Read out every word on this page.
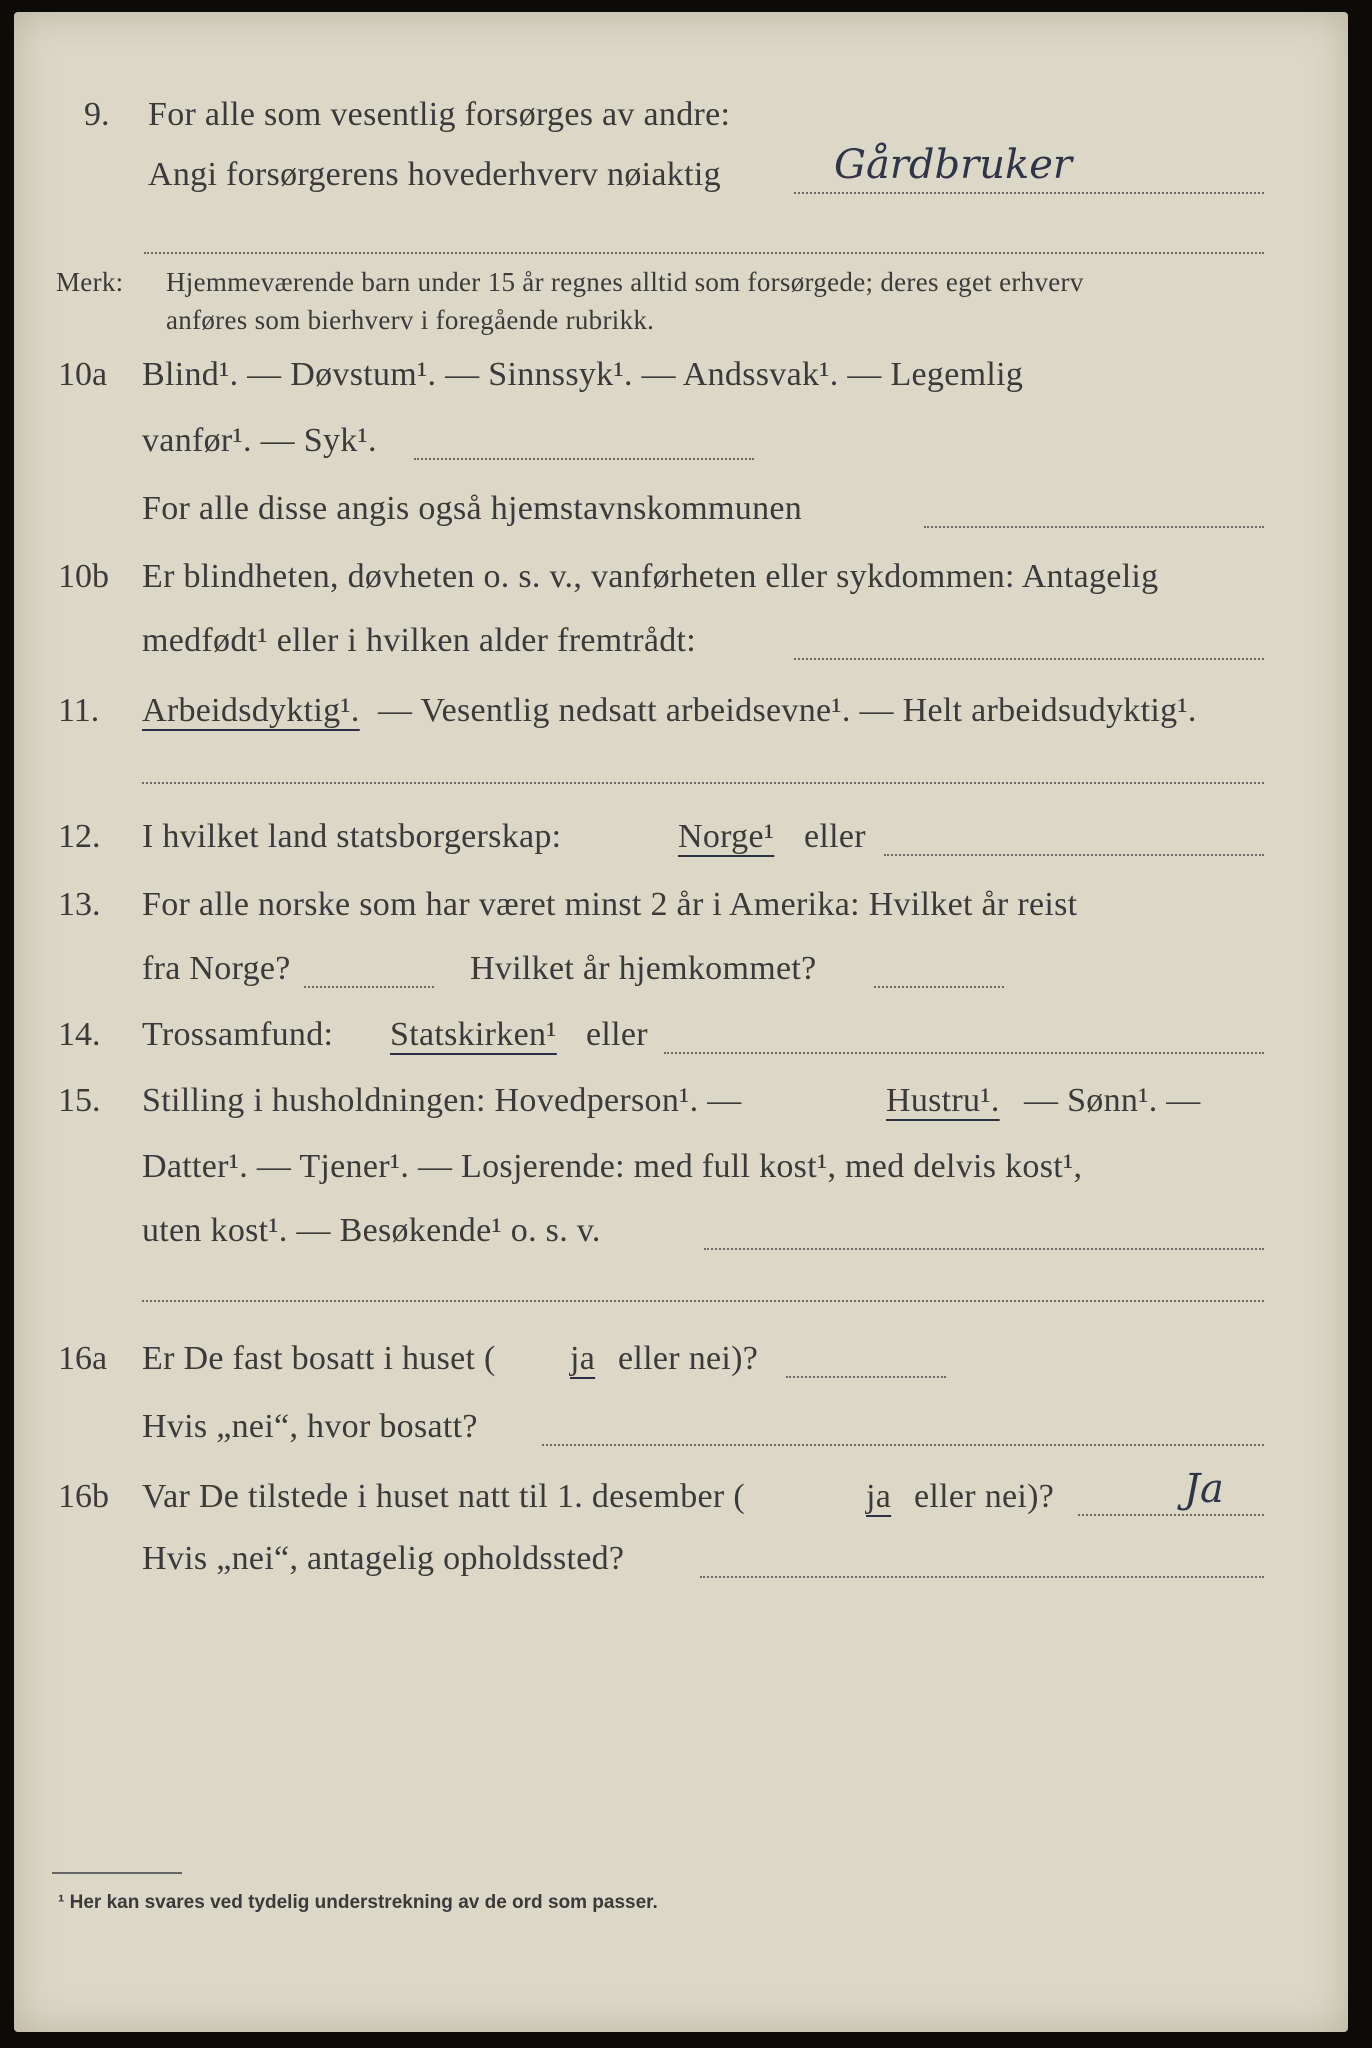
9. For alle som vesentlig forsørges av andre:
Angi forsørgerens hovederhverv nøiaktig	Gårdbruker
Merk: Hjemmeværende barn under 15 år regnes alltid som forsørgede; deres eget erhverv
anføres som bierhverv i foregående rubrikk.
10a Blind¹. — Døvstum¹. — Sinnssyk¹. — Andssvak¹. — Legemlig
vanfør¹. — Syk¹.
For alle disse angis også hjemstavnskommunen
10b Er blindheten, døvheten o. s. v., vanførheten eller sykdommen: Antagelig
medfødt¹ eller i hvilken alder fremtrådt:
11. Arbeidsdyktig¹. — Vesentlig nedsatt arbeidsevne¹. — Helt arbeidsudyktig¹.
12. I hvilket land statsborgerskap:	Norge¹ eller
13. For alle norske som har været minst 2 år i Amerika: Hvilket år reist
fra Norge?	Hvilket år hjemkommet?
14. Trossamfund: Statskirken¹ eller
15. Stilling i husholdningen: Hovedperson¹. —	Hustru¹. — Sønn¹. —
Datter¹. — Tjener¹. — Losjerende: med full kost¹, med delvis kost¹,
uten kost¹. — Besøkende¹ o. s. v.
16a Er De fast bosatt i huset ( ja eller nei)?
Hvis „nei“, hvor bosatt?
16b Var De tilstede i huset natt til 1. desember (	ja eller nei)?	Ja
Hvis „nei“, antagelig opholdssted?
¹ Her kan svares ved tydelig understrekning av de ord som passer.
